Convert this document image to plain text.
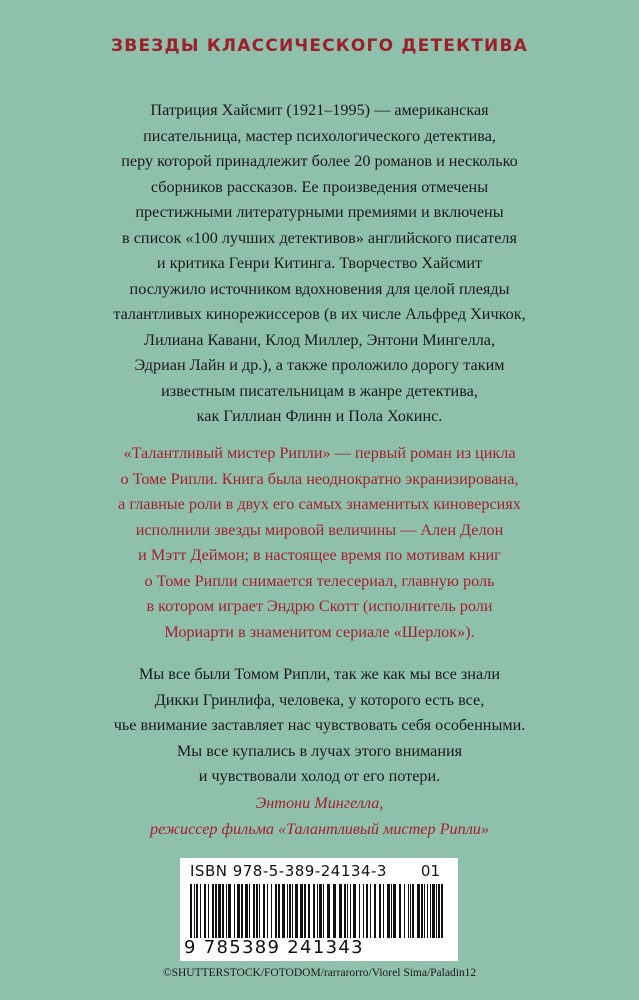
ЗВЕЗДЫ КЛАССИЧЕСКОГО ДЕТЕКТИВА
Патриция Хайсмит (1921–1995) — американская
писательница, мастер психологического детектива,
перу которой принадлежит более 20 романов и несколько
сборников рассказов. Ее произведения отмечены
престижными литературными премиями и включены
в список «100 лучших детективов» английского писателя
и критика Генри Китинга. Творчество Хайсмит
послужило источником вдохновения для целой плеяды
талантливых кинорежиссеров (в их числе Альфред Хичкок,
Лилиана Кавани, Клод Миллер, Энтони Мингелла,
Эдриан Лайн и др.), а также проложило дорогу таким
известным писательницам в жанре детектива,
как Гиллиан Флинн и Пола Хокинс.
«Талантливый мистер Рипли» — первый роман из цикла
о Томе Рипли. Книга была неоднократно экранизирована,
а главные роли в двух его самых знаменитых киноверсиях
исполнили звезды мировой величины — Ален Делон
и Мэтт Деймон; в настоящее время по мотивам книг
о Томе Рипли снимается телесериал, главную роль
в котором играет Эндрю Скотт (исполнитель роли
Мориарти в знаменитом сериале «Шерлок»).
Мы все были Томом Рипли, так же как мы все знали
Дикки Гринлифа, человека, у которого есть все,
чье внимание заставляет нас чувствовать себя особенными.
Мы все купались в лучах этого внимания
и чувствовали холод от его потери.
Энтони Мингелла,
режиссер фильма «Талантливый мистер Рипли»
ISBN 978-5-389-24134-3 01
9 785389 241343
©SHUTTERSTOCK/FOTODOM/rarrarorro/Viorel Sima/Paladin12
